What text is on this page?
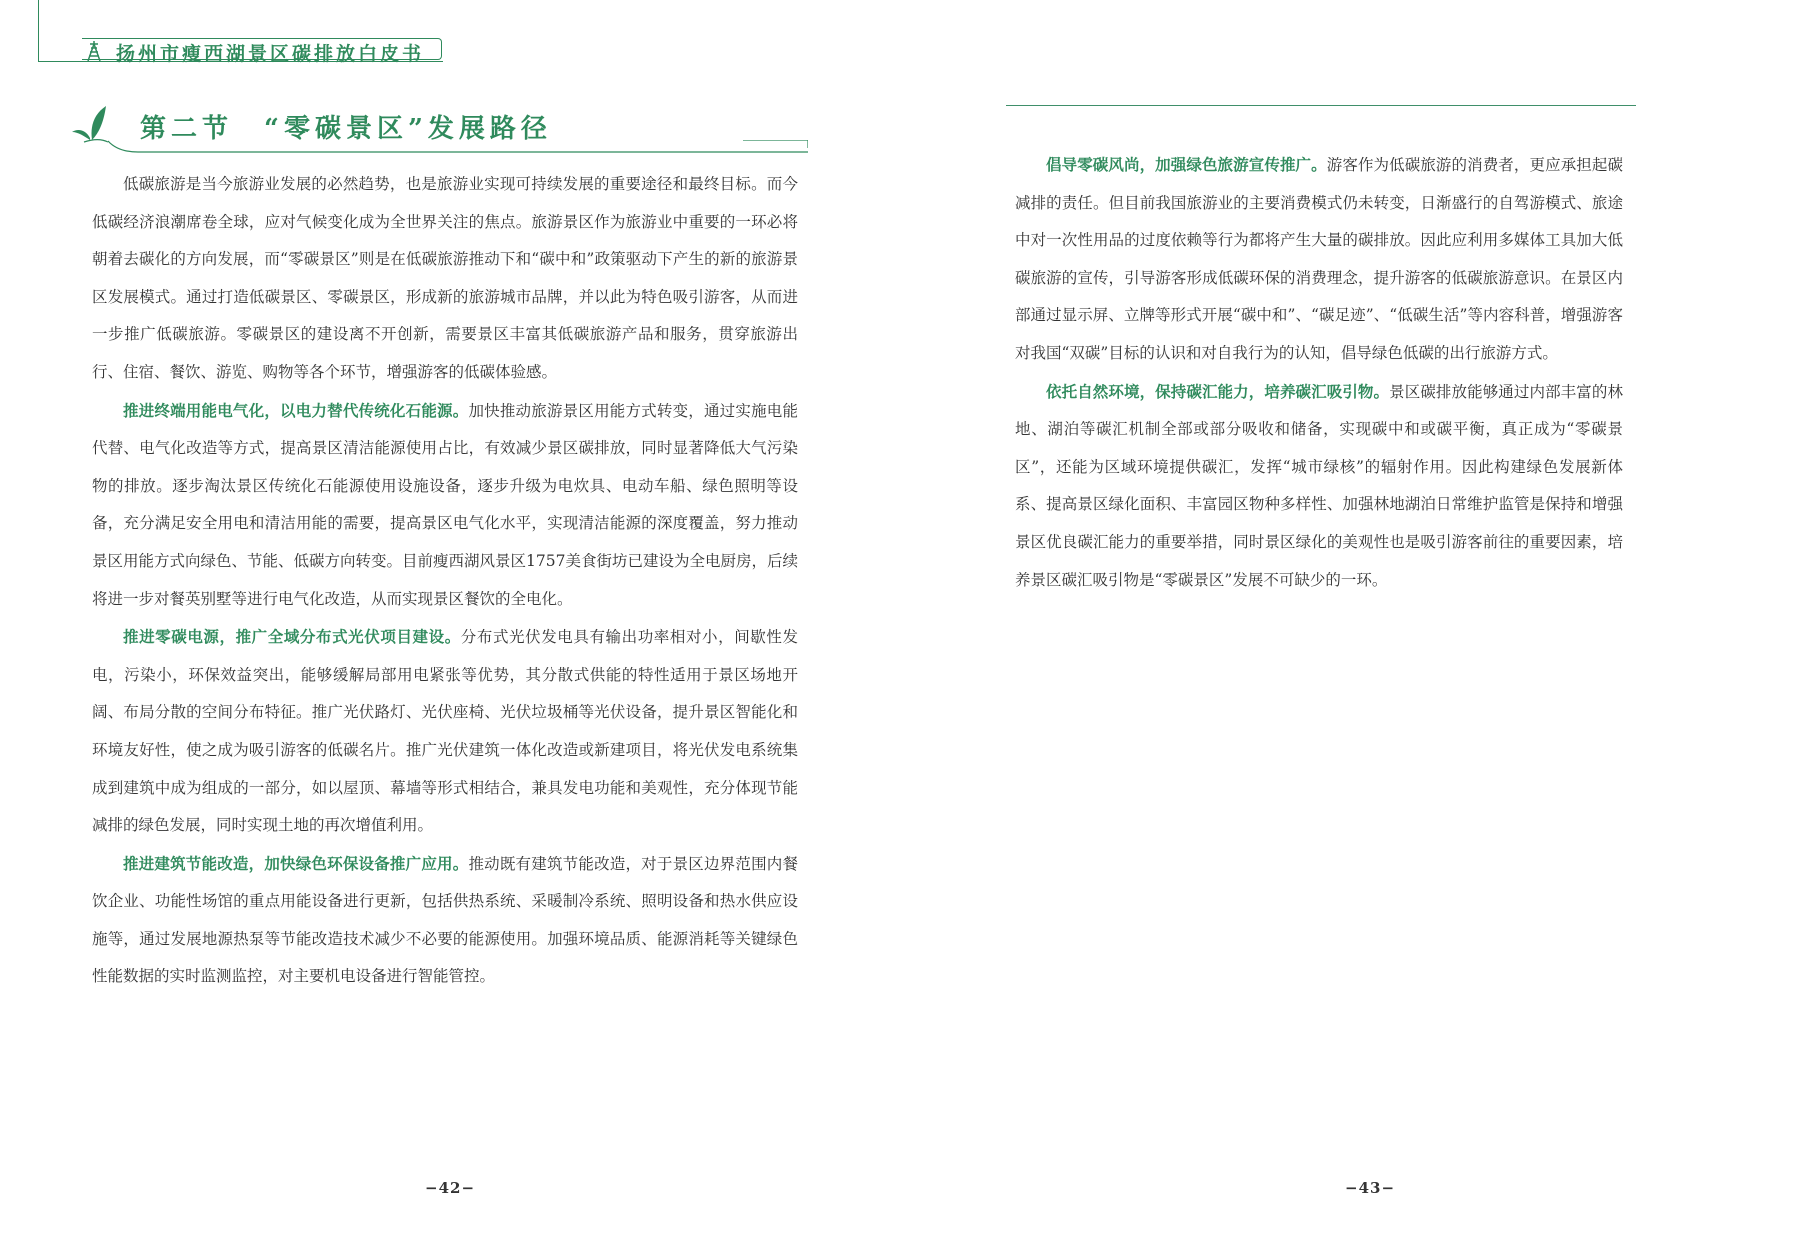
扬州市瘦西湖景区碳排放白皮书
第二节　“零碳景区”发展路径

低碳旅游是当今旅游业发展的必然趋势，也是旅游业实现可持续发展的重要途径和最终目标。而今低碳经济浪潮席卷全球，应对气候变化成为全世界关注的焦点。旅游景区作为旅游业中重要的一环必将朝着去碳化的方向发展，而“零碳景区”则是在低碳旅游推动下和“碳中和”政策驱动下产生的新的旅游景区发展模式。通过打造低碳景区、零碳景区，形成新的旅游城市品牌，并以此为特色吸引游客，从而进一步推广低碳旅游。零碳景区的建设离不开创新，需要景区丰富其低碳旅游产品和服务，贯穿旅游出行、住宿、餐饮、游览、购物等各个环节，增强游客的低碳体验感。

推进终端用能电气化，以电力替代传统化石能源。加快推动旅游景区用能方式转变，通过实施电能代替、电气化改造等方式，提高景区清洁能源使用占比，有效减少景区碳排放，同时显著降低大气污染物的排放。逐步淘汰景区传统化石能源使用设施设备，逐步升级为电炊具、电动车船、绿色照明等设备，充分满足安全用电和清洁用能的需要，提高景区电气化水平，实现清洁能源的深度覆盖，努力推动景区用能方式向绿色、节能、低碳方向转变。目前瘦西湖风景区1757美食街坊已建设为全电厨房，后续将进一步对餐英别墅等进行电气化改造，从而实现景区餐饮的全电化。

推进零碳电源，推广全域分布式光伏项目建设。分布式光伏发电具有输出功率相对小，间歇性发电，污染小，环保效益突出，能够缓解局部用电紧张等优势，其分散式供能的特性适用于景区场地开阔、布局分散的空间分布特征。推广光伏路灯、光伏座椅、光伏垃圾桶等光伏设备，提升景区智能化和环境友好性，使之成为吸引游客的低碳名片。推广光伏建筑一体化改造或新建项目，将光伏发电系统集成到建筑中成为组成的一部分，如以屋顶、幕墙等形式相结合，兼具发电功能和美观性，充分体现节能减排的绿色发展，同时实现土地的再次增值利用。

推进建筑节能改造，加快绿色环保设备推广应用。推动既有建筑节能改造，对于景区边界范围内餐饮企业、功能性场馆的重点用能设备进行更新，包括供热系统、采暖制冷系统、照明设备和热水供应设施等，通过发展地源热泵等节能改造技术减少不必要的能源使用。加强环境品质、能源消耗等关键绿色性能数据的实时监测监控，对主要机电设备进行智能管控。

−42−

倡导零碳风尚，加强绿色旅游宣传推广。游客作为低碳旅游的消费者，更应承担起碳减排的责任。但目前我国旅游业的主要消费模式仍未转变，日渐盛行的自驾游模式、旅途中对一次性用品的过度依赖等行为都将产生大量的碳排放。因此应利用多媒体工具加大低碳旅游的宣传，引导游客形成低碳环保的消费理念，提升游客的低碳旅游意识。在景区内部通过显示屏、立牌等形式开展“碳中和”、“碳足迹”、“低碳生活”等内容科普，增强游客对我国“双碳”目标的认识和对自我行为的认知，倡导绿色低碳的出行旅游方式。

依托自然环境，保持碳汇能力，培养碳汇吸引物。景区碳排放能够通过内部丰富的林地、湖泊等碳汇机制全部或部分吸收和储备，实现碳中和或碳平衡，真正成为“零碳景区”，还能为区域环境提供碳汇，发挥“城市绿核”的辐射作用。因此构建绿色发展新体系、提高景区绿化面积、丰富园区物种多样性、加强林地湖泊日常维护监管是保持和增强景区优良碳汇能力的重要举措，同时景区绿化的美观性也是吸引游客前往的重要因素，培养景区碳汇吸引物是“零碳景区”发展不可缺少的一环。

−43−
